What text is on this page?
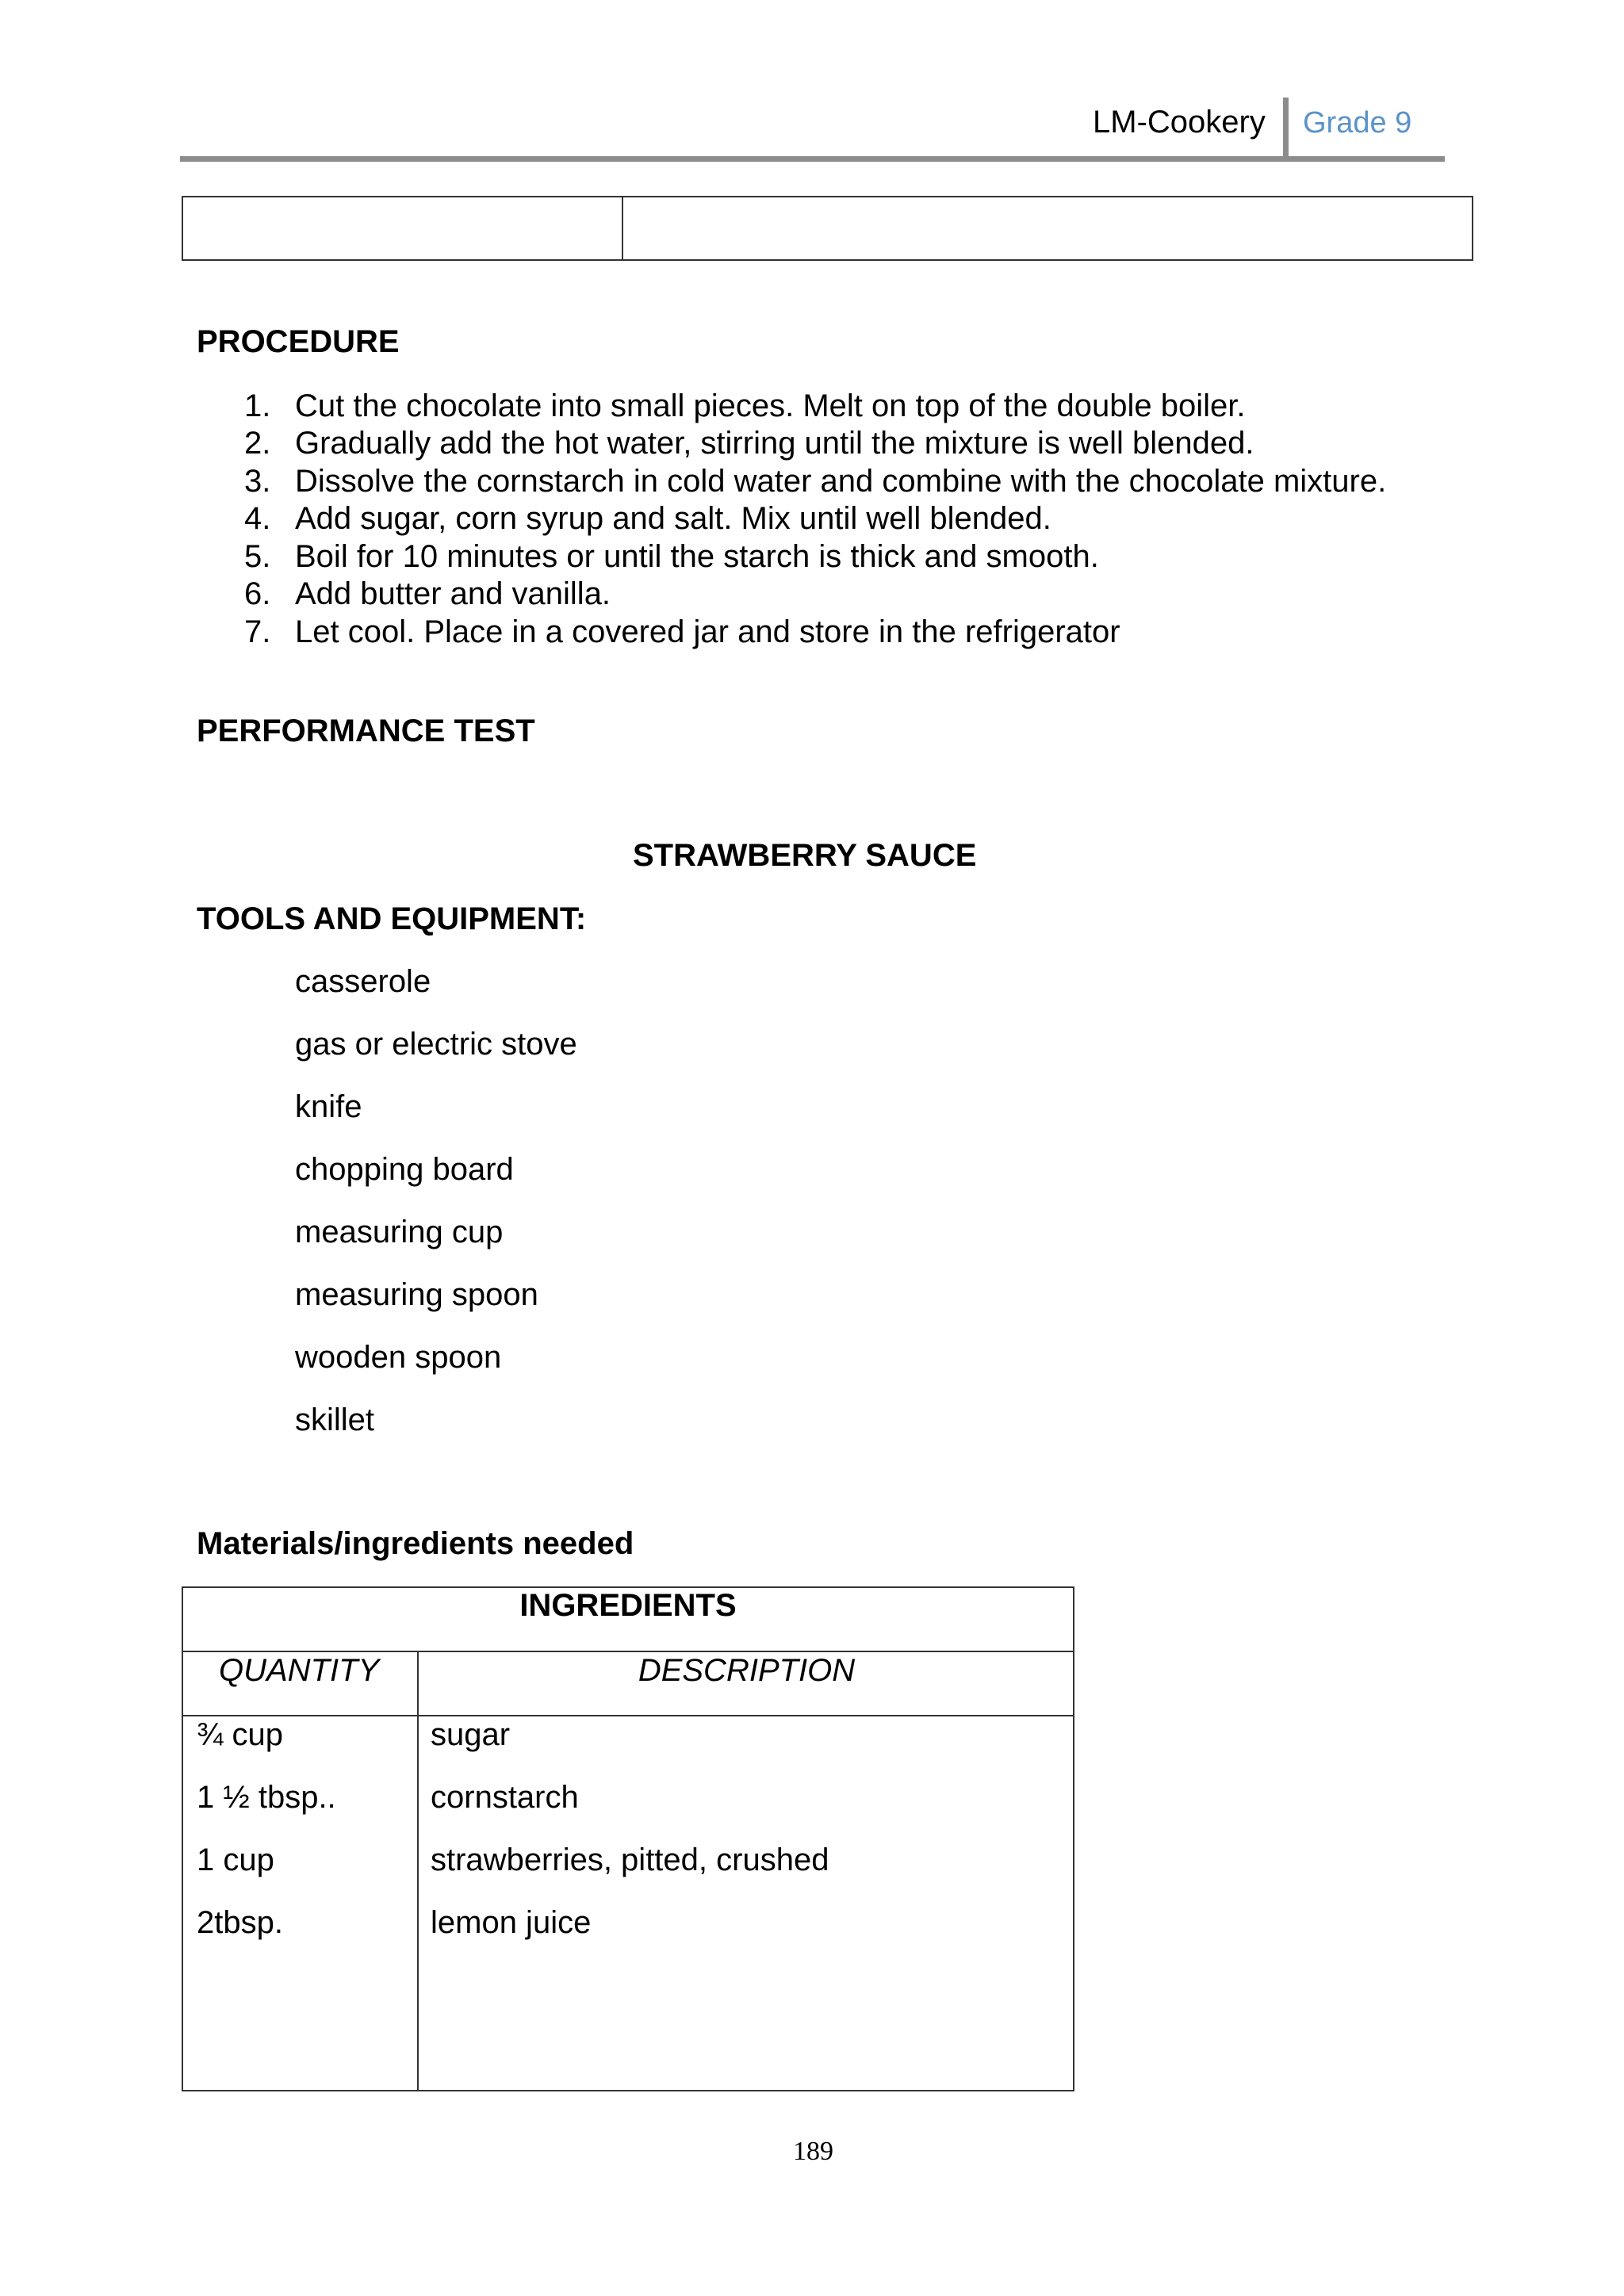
LM-Cookery Grade 9
PROCEDURE
1. Cut the chocolate into small pieces. Melt on top of the double boiler.
2. Gradually add the hot water, stirring until the mixture is well blended.
3. Dissolve the cornstarch in cold water and combine with the chocolate mixture.
4. Add sugar, corn syrup and salt. Mix until well blended.
5. Boil for 10 minutes or until the starch is thick and smooth.
6. Add butter and vanilla.
7. Let cool. Place in a covered jar and store in the refrigerator
PERFORMANCE TEST
STRAWBERRY SAUCE
TOOLS AND EQUIPMENT:
casserole
gas or electric stove
knife
chopping board
measuring cup
measuring spoon
wooden spoon
skillet
Materials/ingredients needed
INGREDIENTS
QUANTITY	DESCRIPTION
¾ cup	sugar
1 ½ tbsp..	cornstarch
1 cup	strawberries, pitted, crushed
2tbsp.	lemon juice
189
